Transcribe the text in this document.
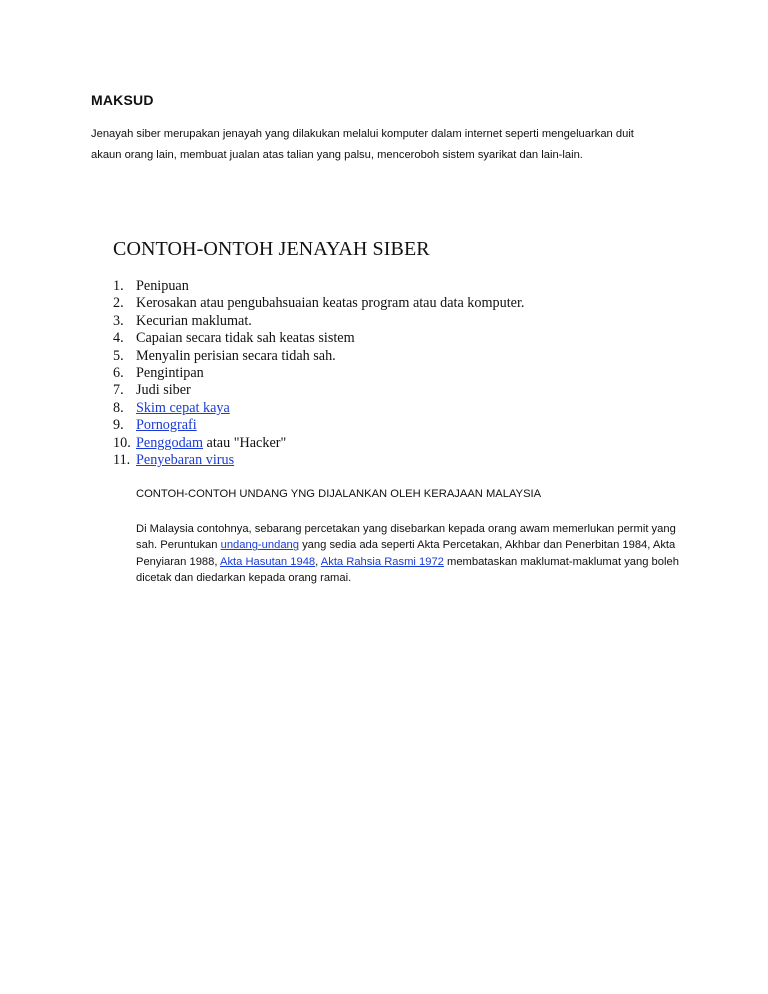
MAKSUD

Jenayah siber merupakan jenayah yang dilakukan melalui komputer dalam internet seperti mengeluarkan duit akaun orang lain, membuat jualan atas talian yang palsu, menceroboh sistem syarikat dan lain-lain.

CONTOH-ONTOH JENAYAH SIBER
1. Penipuan
2. Kerosakan atau pengubahsuaian keatas program atau data komputer.
3. Kecurian maklumat.
4. Capaian secara tidak sah keatas sistem
5. Menyalin perisian secara tidah sah.
6. Pengintipan
7. Judi siber
8. Skim cepat kaya
9. Pornografi
10. Penggodam atau "Hacker"
11. Penyebaran virus
CONTOH-CONTOH UNDANG YNG DIJALANKAN OLEH KERAJAAN MALAYSIA

Di Malaysia contohnya, sebarang percetakan yang disebarkan kepada orang awam memerlukan permit yang sah. Peruntukan undang-undang yang sedia ada seperti Akta Percetakan, Akhbar dan Penerbitan 1984, Akta Penyiaran 1988, Akta Hasutan 1948, Akta Rahsia Rasmi 1972 membataskan maklumat-maklumat yang boleh dicetak dan diedarkan kepada orang ramai.
